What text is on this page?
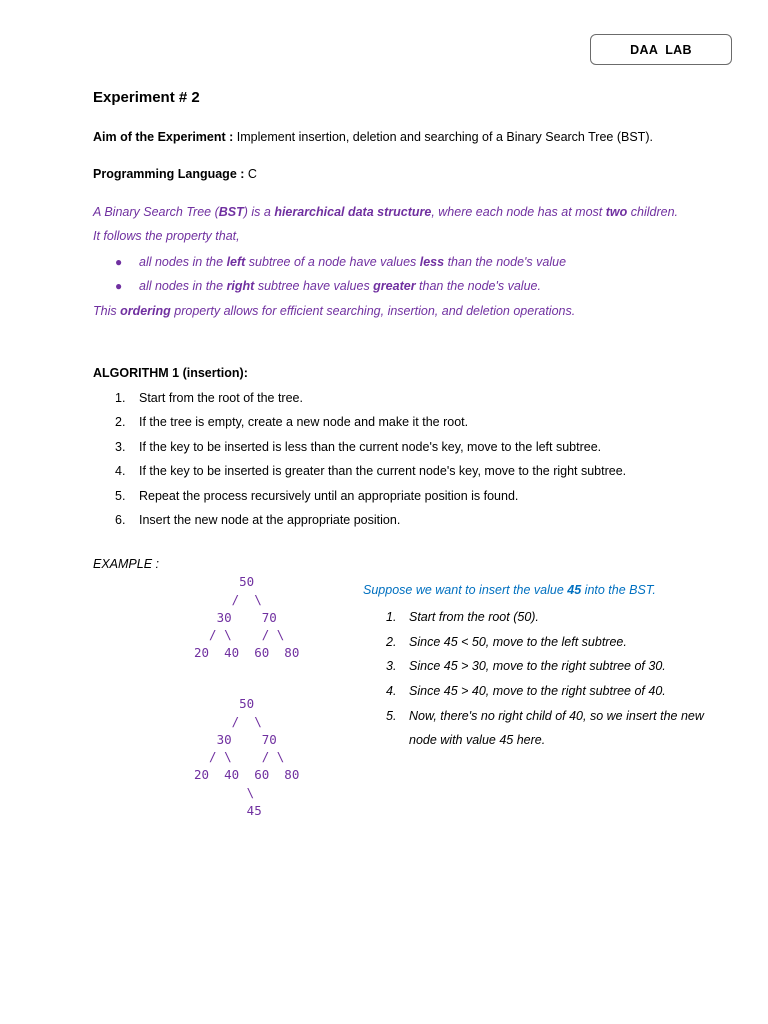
DAA  LAB
Experiment # 2
Aim of the Experiment : Implement insertion, deletion and searching of a Binary Search Tree (BST).
Programming Language : C
A Binary Search Tree (BST) is a hierarchical data structure, where each node has at most two children.
It follows the property that,
● all nodes in the left subtree of a node have values less than the node's value
● all nodes in the right subtree have values greater than the node's value.
This ordering property allows for efficient searching, insertion, and deletion operations.
ALGORITHM 1 (insertion):
1. Start from the root of the tree.
2. If the tree is empty, create a new node and make it the root.
3. If the key to be inserted is less than the current node's key, move to the left subtree.
4. If the key to be inserted is greater than the current node's key, move to the right subtree.
5. Repeat the process recursively until an appropriate position is found.
6. Insert the new node at the appropriate position.
EXAMPLE :
50
/  \
30    70
/ \    / \
20  40  60  80
50
/  \
30    70
/ \    / \
20  40  60  80
\
45
Suppose we want to insert the value 45 into the BST.
1. Start from the root (50).
2. Since 45 < 50, move to the left subtree.
3. Since 45 > 30, move to the right subtree of 30.
4. Since 45 > 40, move to the right subtree of 40.
5. Now, there's no right child of 40, so we insert the new
node with value 45 here.
